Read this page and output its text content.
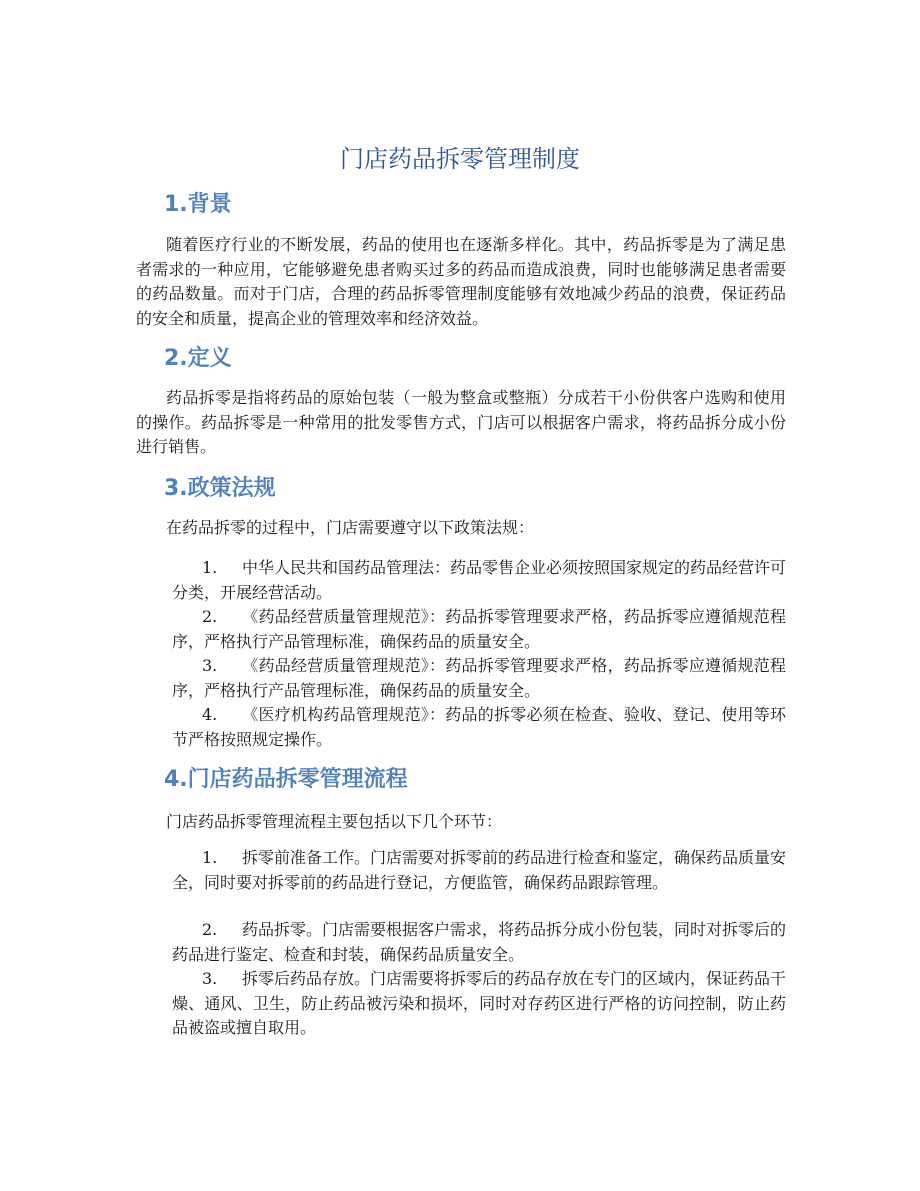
门店药品拆零管理制度
1.背景
随着医疗行业的不断发展，药品的使用也在逐渐多样化。其中，药品拆零是为了满足患者需求的一种应用，它能够避免患者购买过多的药品而造成浪费，同时也能够满足患者需要的药品数量。而对于门店，合理的药品拆零管理制度能够有效地减少药品的浪费，保证药品的安全和质量，提高企业的管理效率和经济效益。
2.定义
药品拆零是指将药品的原始包装（一般为整盒或整瓶）分成若干小份供客户选购和使用的操作。药品拆零是一种常用的批发零售方式，门店可以根据客户需求，将药品拆分成小份进行销售。
3.政策法规
在药品拆零的过程中，门店需要遵守以下政策法规：
1. 中华人民共和国药品管理法：药品零售企业必须按照国家规定的药品经营许可分类，开展经营活动。
2. 《药品经营质量管理规范》：药品拆零管理要求严格，药品拆零应遵循规范程序，严格执行产品管理标准，确保药品的质量安全。
3. 《药品经营质量管理规范》：药品拆零管理要求严格，药品拆零应遵循规范程序，严格执行产品管理标准，确保药品的质量安全。
4. 《医疗机构药品管理规范》：药品的拆零必须在检查、验收、登记、使用等环节严格按照规定操作。
4.门店药品拆零管理流程
门店药品拆零管理流程主要包括以下几个环节：
1. 拆零前准备工作。门店需要对拆零前的药品进行检查和鉴定，确保药品质量安全，同时要对拆零前的药品进行登记，方便监管，确保药品跟踪管理。
2. 药品拆零。门店需要根据客户需求，将药品拆分成小份包装，同时对拆零后的药品进行鉴定、检查和封装，确保药品质量安全。
3. 拆零后药品存放。门店需要将拆零后的药品存放在专门的区域内，保证药品干燥、通风、卫生，防止药品被污染和损坏，同时对存药区进行严格的访问控制，防止药品被盗或擅自取用。
